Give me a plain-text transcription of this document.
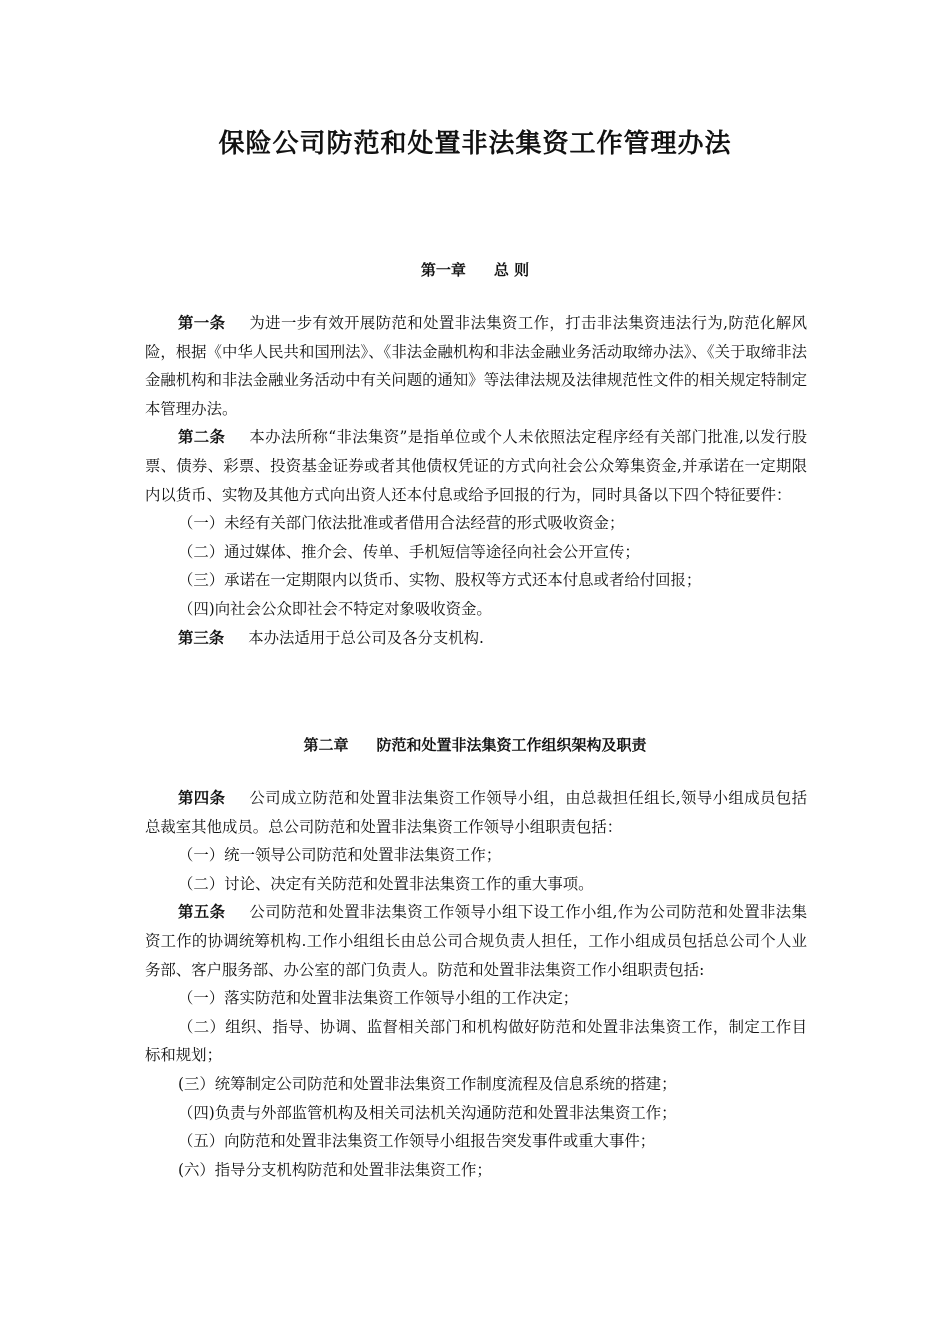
保险公司防范和处置非法集资工作管理办法
第一章 总 则

第一条 为进一步有效开展防范和处置非法集资工作，打击非法集资违法行为,防范化解风险，根据《中华人民共和国刑法》、《非法金融机构和非法金融业务活动取缔办法》、《关于取缔非法金融机构和非法金融业务活动中有关问题的通知》等法律法规及法律规范性文件的相关规定特制定本管理办法。

第二条 本办法所称“非法集资”是指单位或个人未依照法定程序经有关部门批准,以发行股票、债券、彩票、投资基金证券或者其他债权凭证的方式向社会公众筹集资金,并承诺在一定期限内以货币、实物及其他方式向出资人还本付息或给予回报的行为，同时具备以下四个特征要件：

（一）未经有关部门依法批准或者借用合法经营的形式吸收资金；

（二）通过媒体、推介会、传单、手机短信等途径向社会公开宣传；

（三）承诺在一定期限内以货币、实物、股权等方式还本付息或者给付回报；

（四)向社会公众即社会不特定对象吸收资金。

第三条 本办法适用于总公司及各分支机构.

第二章 防范和处置非法集资工作组织架构及职责

第四条 公司成立防范和处置非法集资工作领导小组，由总裁担任组长,领导小组成员包括总裁室其他成员。总公司防范和处置非法集资工作领导小组职责包括：

（一）统一领导公司防范和处置非法集资工作；

（二）讨论、决定有关防范和处置非法集资工作的重大事项。

第五条 公司防范和处置非法集资工作领导小组下设工作小组,作为公司防范和处置非法集资工作的协调统筹机构.工作小组组长由总公司合规负责人担任，工作小组成员包括总公司个人业务部、客户服务部、办公室的部门负责人。防范和处置非法集资工作小组职责包括:

（一）落实防范和处置非法集资工作领导小组的工作决定；

（二）组织、指导、协调、监督相关部门和机构做好防范和处置非法集资工作，制定工作目标和规划；

(三）统筹制定公司防范和处置非法集资工作制度流程及信息系统的搭建；

（四)负责与外部监管机构及相关司法机关沟通防范和处置非法集资工作；

（五）向防范和处置非法集资工作领导小组报告突发事件或重大事件；

(六）指导分支机构防范和处置非法集资工作；
